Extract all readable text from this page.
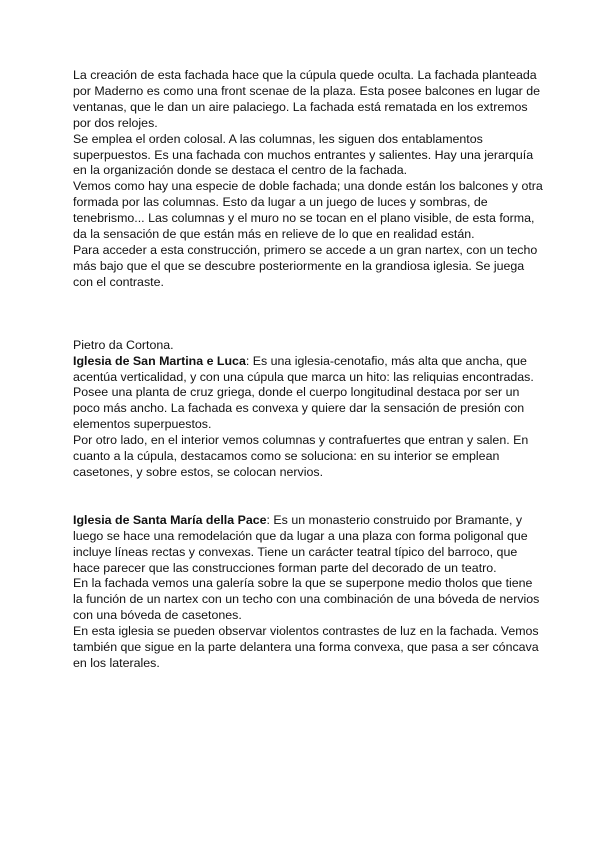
La creación de esta fachada hace que la cúpula quede oculta. La fachada planteada por Maderno es como una front scenae de la plaza. Esta posee balcones en lugar de ventanas, que le dan un aire palaciego. La fachada está rematada en los extremos por dos relojes.

Se emplea el orden colosal. A las columnas, les siguen dos entablamentos superpuestos. Es una fachada con muchos entrantes y salientes. Hay una jerarquía en la organización donde se destaca el centro de la fachada.

Vemos como hay una especie de doble fachada; una donde están los balcones y otra formada por las columnas. Esto da lugar a un juego de luces y sombras, de tenebrismo... Las columnas y el muro no se tocan en el plano visible, de esta forma, da la sensación de que están más en relieve de lo que en realidad están.

Para acceder a esta construcción, primero se accede a un gran nartex, con un techo más bajo que el que se descubre posteriormente en la grandiosa iglesia. Se juega con el contraste.

Pietro da Cortona.

Iglesia de San Martina e Luca: Es una iglesia-cenotafio, más alta que ancha, que acentúa verticalidad, y con una cúpula que marca un hito: las reliquias encontradas. Posee una planta de cruz griega, donde el cuerpo longitudinal destaca por ser un poco más ancho. La fachada es convexa y quiere dar la sensación de presión con elementos superpuestos.

Por otro lado, en el interior vemos columnas y contrafuertes que entran y salen. En cuanto a la cúpula, destacamos como se soluciona: en su interior se emplean casetones, y sobre estos, se colocan nervios.

Iglesia de Santa María della Pace: Es un monasterio construido por Bramante, y luego se hace una remodelación que da lugar a una plaza con forma poligonal que incluye líneas rectas y convexas. Tiene un carácter teatral típico del barroco, que hace parecer que las construcciones forman parte del decorado de un teatro.

En la fachada vemos una galería sobre la que se superpone medio tholos que tiene la función de un nartex con un techo con una combinación de una bóveda de nervios con una bóveda de casetones.

En esta iglesia se pueden observar violentos contrastes de luz en la fachada. Vemos también que sigue en la parte delantera una forma convexa, que pasa a ser cóncava en los laterales.
